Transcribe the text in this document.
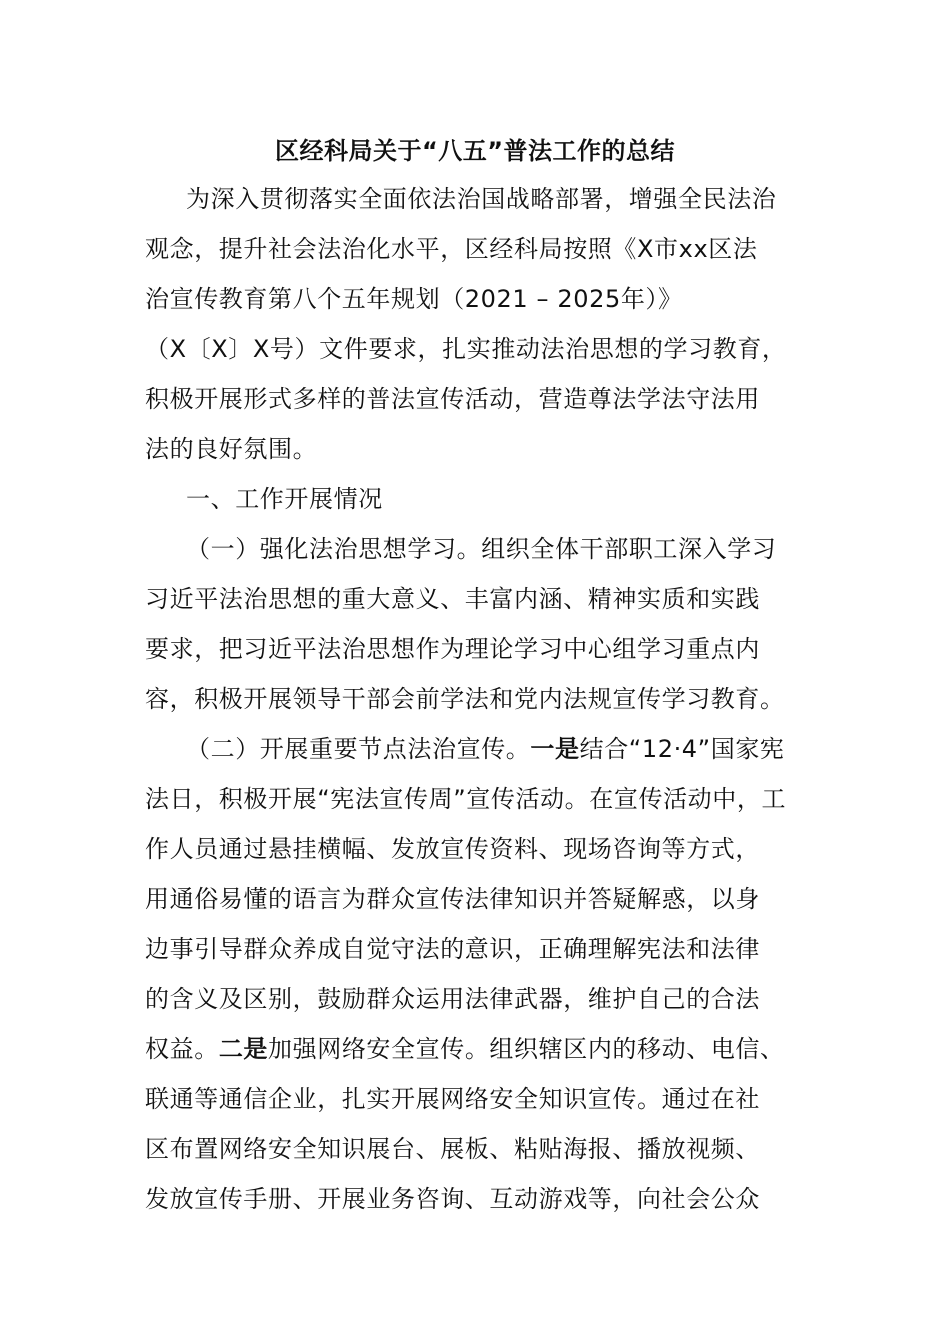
区经科局关于“八五”普法工作的总结

为深入贯彻落实全面依法治国战略部署，增强全民法治

观念，提升社会法治化水平，区经科局按照《X市xx区法

治宣传教育第八个五年规划（2021 – 2025年）》

（X〔X〕X号）文件要求，扎实推动法治思想的学习教育，

积极开展形式多样的普法宣传活动，营造尊法学法守法用

法的良好氛围。

一、工作开展情况

（一）强化法治思想学习。组织全体干部职工深入学习

习近平法治思想的重大意义、丰富内涵、精神实质和实践

要求，把习近平法治思想作为理论学习中心组学习重点内

容，积极开展领导干部会前学法和党内法规宣传学习教育。

（二）开展重要节点法治宣传。一是结合“12·4”国家宪

法日，积极开展“宪法宣传周”宣传活动。在宣传活动中，工

作人员通过悬挂横幅、发放宣传资料、现场咨询等方式，

用通俗易懂的语言为群众宣传法律知识并答疑解惑，以身

边事引导群众养成自觉守法的意识，正确理解宪法和法律

的含义及区别，鼓励群众运用法律武器，维护自己的合法

权益。二是加强网络安全宣传。组织辖区内的移动、电信、

联通等通信企业，扎实开展网络安全知识宣传。通过在社

区布置网络安全知识展台、展板、粘贴海报、播放视频、

发放宣传手册、开展业务咨询、互动游戏等，向社会公众
